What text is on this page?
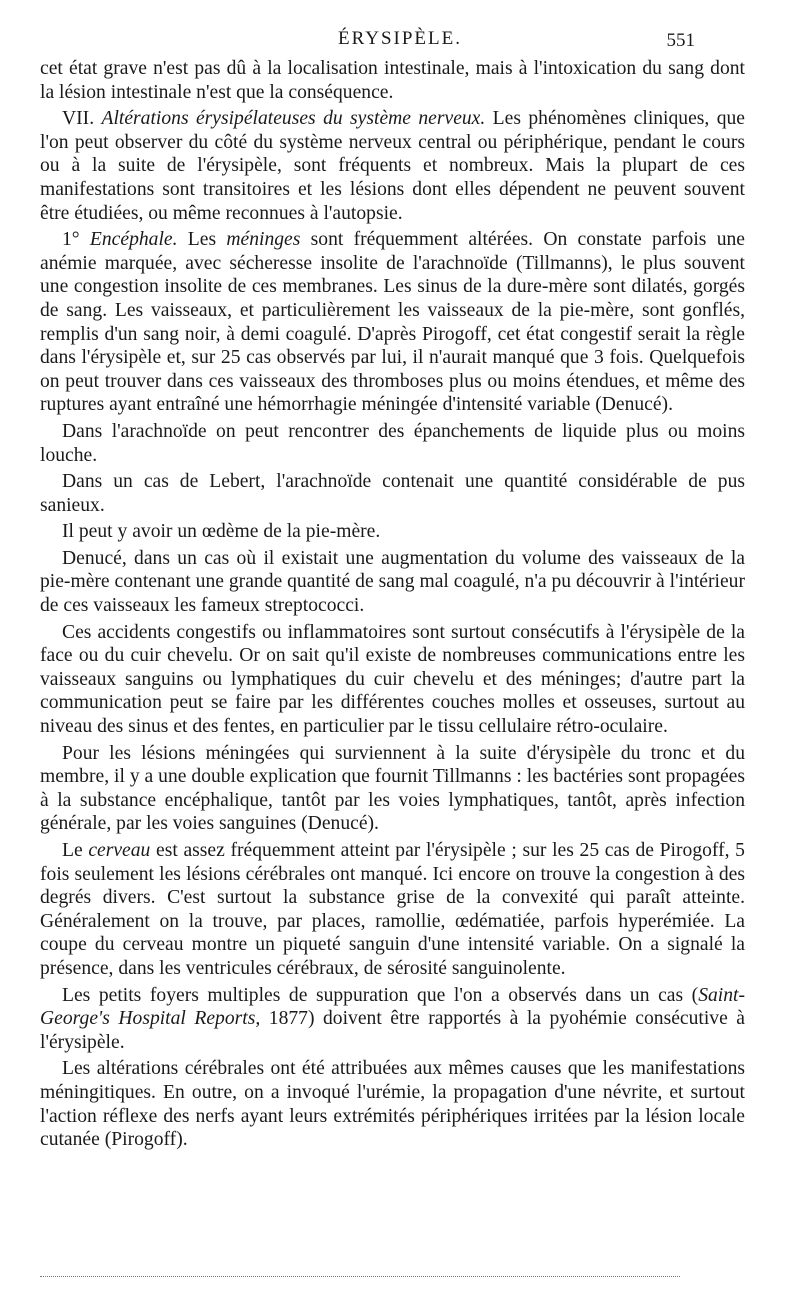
ÉRYSIPÈLE.	551

cet état grave n'est pas dû à la localisation intestinale, mais à l'intoxication du sang dont la lésion intestinale n'est que la conséquence.

VII. Altérations érysipélateuses du système nerveux. Les phénomènes cliniques, que l'on peut observer du côté du système nerveux central ou périphérique, pendant le cours ou à la suite de l'érysipèle, sont fréquents et nombreux. Mais la plupart de ces manifestations sont transitoires et les lésions dont elles dépendent ne peuvent souvent être étudiées, ou même reconnues à l'autopsie.

1° Encéphale. Les méninges sont fréquemment altérées. On constate parfois une anémie marquée, avec sécheresse insolite de l'arachnoïde (Tillmanns), le plus souvent une congestion insolite de ces membranes. Les sinus de la dure-mère sont dilatés, gorgés de sang. Les vaisseaux, et particulièrement les vaisseaux de la pie-mère, sont gonflés, remplis d'un sang noir, à demi coagulé. D'après Pirogoff, cet état congestif serait la règle dans l'érysipèle et, sur 25 cas observés par lui, il n'aurait manqué que 3 fois. Quelquefois on peut trouver dans ces vaisseaux des thromboses plus ou moins étendues, et même des ruptures ayant entraîné une hémorrhagie méningée d'intensité variable (Denucé).

Dans l'arachnoïde on peut rencontrer des épanchements de liquide plus ou moins louche.

Dans un cas de Lebert, l'arachnoïde contenait une quantité considérable de pus sanieux.

Il peut y avoir un œdème de la pie-mère.

Denucé, dans un cas où il existait une augmentation du volume des vaisseaux de la pie-mère contenant une grande quantité de sang mal coagulé, n'a pu découvrir à l'intérieur de ces vaisseaux les fameux streptococci.

Ces accidents congestifs ou inflammatoires sont surtout consécutifs à l'érysipèle de la face ou du cuir chevelu. Or on sait qu'il existe de nombreuses communications entre les vaisseaux sanguins ou lymphatiques du cuir chevelu et des méninges; d'autre part la communication peut se faire par les différentes couches molles et osseuses, surtout au niveau des sinus et des fentes, en particulier par le tissu cellulaire rétro-oculaire.

Pour les lésions méningées qui surviennent à la suite d'érysipèle du tronc et du membre, il y a une double explication que fournit Tillmanns : les bactéries sont propagées à la substance encéphalique, tantôt par les voies lymphatiques, tantôt, après infection générale, par les voies sanguines (Denucé).

Le cerveau est assez fréquemment atteint par l'érysipèle ; sur les 25 cas de Pirogoff, 5 fois seulement les lésions cérébrales ont manqué. Ici encore on trouve la congestion à des degrés divers. C'est surtout la substance grise de la convexité qui paraît atteinte. Généralement on la trouve, par places, ramollie, œdématiée, parfois hyperémiée. La coupe du cerveau montre un piqueté sanguin d'une intensité variable. On a signalé la présence, dans les ventricules cérébraux, de sérosité sanguinolente.

Les petits foyers multiples de suppuration que l'on a observés dans un cas (Saint-George's Hospital Reports, 1877) doivent être rapportés à la pyohémie consécutive à l'érysipèle.

Les altérations cérébrales ont été attribuées aux mêmes causes que les manifestations méningitiques. En outre, on a invoqué l'urémie, la propagation d'une névrite, et surtout l'action réflexe des nerfs ayant leurs extrémités périphériques irritées par la lésion locale cutanée (Pirogoff).
